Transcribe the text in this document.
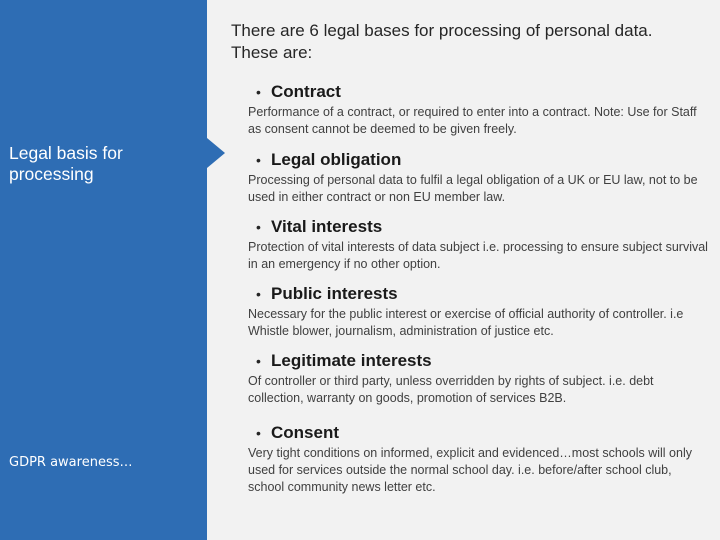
Legal basis for processing
GDPR awareness…
There are 6 legal bases for processing of personal data. These are:
• Contract
Performance of a contract, or required to enter into a contract. Note: Use for Staff as consent cannot be deemed to be given freely.
• Legal obligation
Processing of personal data to fulfil a legal obligation of a UK or EU law, not to be used in either contract or non EU member law.
• Vital interests
Protection of vital interests of data subject i.e. processing to ensure subject survival in an emergency if no other option.
• Public interests
Necessary for the public interest or exercise of official authority of controller. i.e Whistle blower, journalism, administration of justice etc.
• Legitimate interests
Of controller or third party, unless overridden by rights of subject. i.e. debt collection, warranty on goods, promotion of services B2B.
• Consent
Very tight conditions on informed, explicit and evidenced…most schools will only used for services outside the normal school day. i.e. before/after school club, school community news letter etc.
